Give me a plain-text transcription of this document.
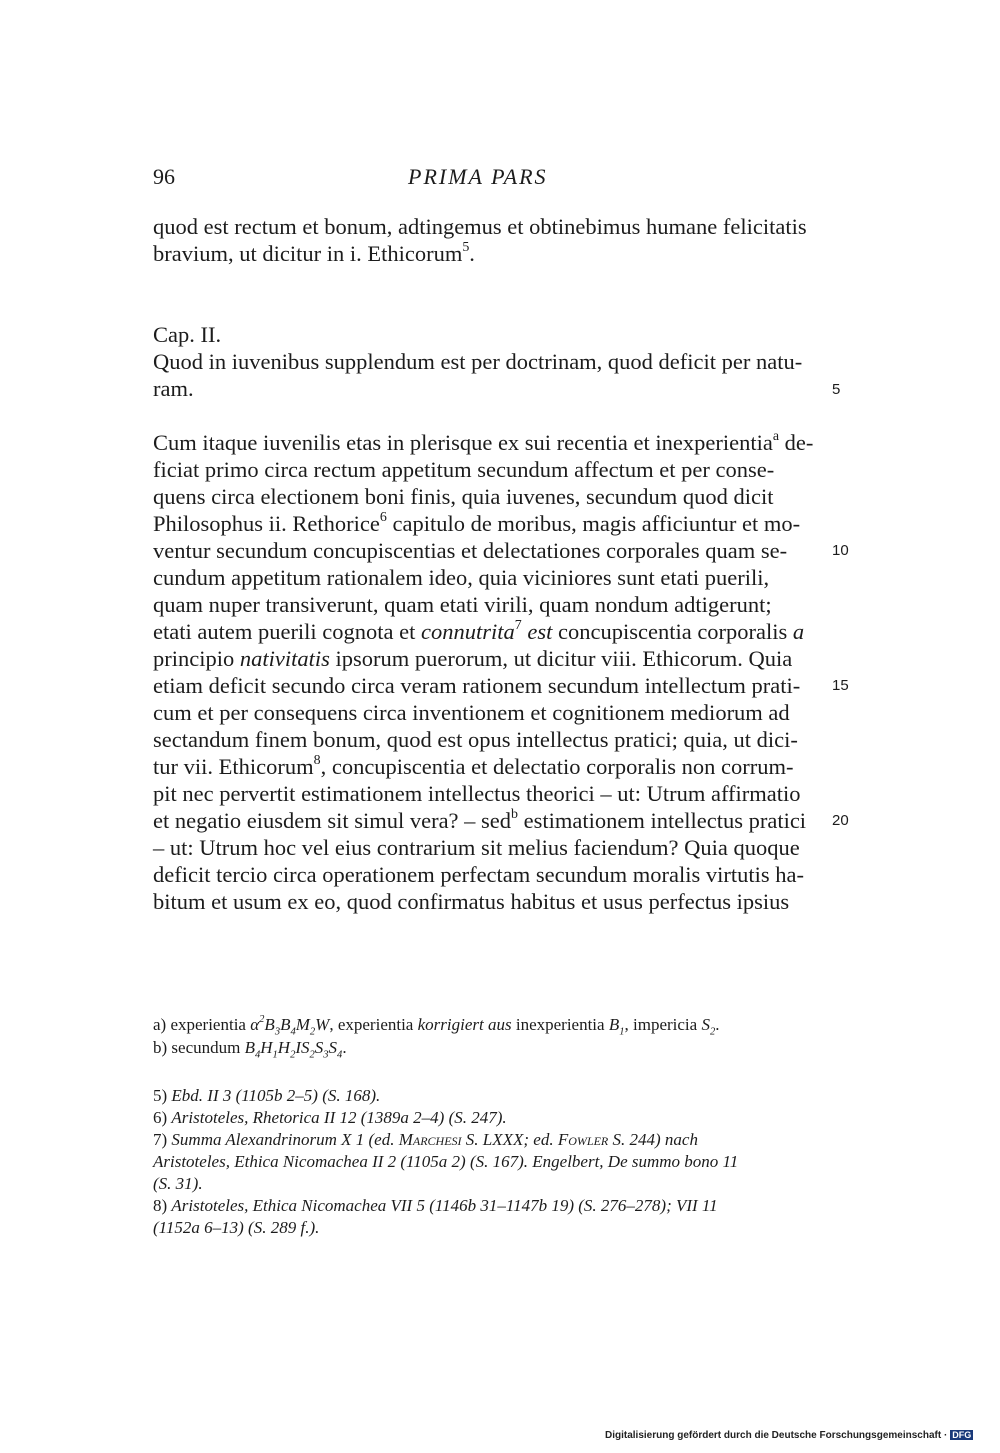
96	PRIMA PARS
quod est rectum et bonum, adtingemus et obtinebimus humane felicitatis
bravium, ut dicitur in i. Ethicorum$^5$.
Cap. II.
Quod in iuvenibus supplendum est per doctrinam, quod deficit per natu-
ram.	5
Cum itaque iuvenilis etas in plerisque ex sui recentia et inexperientia$^a$ de-
ficiat primo circa rectum appetitum secundum affectum et per conse-
quens circa electionem boni finis, quia iuvenes, secundum quod dicit
Philosophus ii. Rethorice$^6$ capitulo de moribus, magis afficiuntur et mo-
ventur secundum concupiscentias et delectationes corporales quam se-	10
cundum appetitum rationalem ideo, quia viciniores sunt etati puerili,
quam nuper transiverunt, quam etati virili, quam nondum adtigerunt;
etati autem puerili cognota et connutrita$^7$ est concupiscentia corporalis a
principio nativitatis ipsorum puerorum, ut dicitur viii. Ethicorum. Quia
etiam deficit secundo circa veram rationem secundum intellectum prati- 15
cum et per consequens circa inventionem et cognitionem mediorum ad
sectandum finem bonum, quod est opus intellectus pratici; quia, ut dici-
tur vii. Ethicorum$^8$, concupiscentia et delectatio corporalis non corrum-
pit nec pervertit estimationem intellectus theorici – ut: Utrum affirmatio
et negatio eiusdem sit simul vera? – sed$^b$ estimationem intellectus pratici 20
– ut: Utrum hoc vel eius contrarium sit melius faciendum? Quia quoque
deficit tercio circa operationem perfectam secundum moralis virtutis ha-
bitum et usum ex eo, quod confirmatus habitus et usus perfectus ipsius
a) experientia $\alpha^2B_3B_4M_2W$, experientia korrigiert aus inexperientia $B_1$, impericia $S_2$.
b) secundum $B_4H_1H_2IS_2S_3S_4$.
5) Ebd. II 3 (1105b 2–5) (S. 168).
6) Aristoteles, Rhetorica II 12 (1389a 2–4) (S. 247).
7) Summa Alexandrinorum X 1 (ed. Marchesi S. LXXX; ed. Fowler S. 244) nach
Aristoteles, Ethica Nicomachea II 2 (1105a 2) (S. 167). Engelbert, De summo bono 11
(S. 31).
8) Aristoteles, Ethica Nicomachea VII 5 (1146b 31–1147b 19) (S. 276–278); VII 11
(1152a 6–13) (S. 289 f.).
Digitalisierung gefördert durch die Deutsche Forschungsgemeinschaft · DFG
